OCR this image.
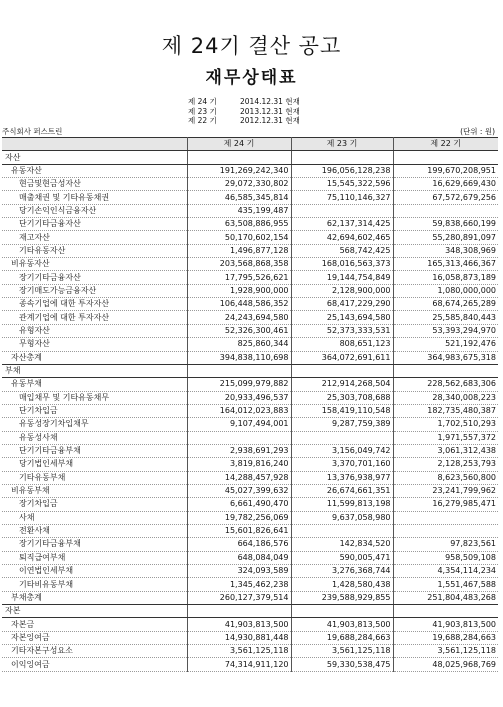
제 24기 결산 공고
재무상태표
제 24 기	2014.12.31 현재
제 23 기	2013.12.31 현재
제 22 기	2012.12.31 현재
주식회사 퍼스트린	(단위 : 원)
	제 24 기	제 23 기	제 22 기
자산			
유동자산	191,269,242,340	196,056,128,238	199,670,208,951
현금및현금성자산	29,072,330,802	15,545,322,596	16,629,669,430
매출채권 및 기타유동채권	46,585,345,814	75,110,146,327	67,572,679,256
당기손익인식금융자산	435,199,487		
단기기타금융자산	63,508,886,955	62,137,314,425	59,838,660,199
재고자산	50,170,602,154	42,694,602,465	55,280,891,097
기타유동자산	1,496,877,128	568,742,425	348,308,969
비유동자산	203,568,868,358	168,016,563,373	165,313,466,367
장기기타금융자산	17,795,526,621	19,144,754,849	16,058,873,189
장기매도가능금융자산	1,928,900,000	2,128,900,000	1,080,000,000
종속기업에 대한 투자자산	106,448,586,352	68,417,229,290	68,674,265,289
관계기업에 대한 투자자산	24,243,694,580	25,143,694,580	25,585,840,443
유형자산	52,326,300,461	52,373,333,531	53,393,294,970
무형자산	825,860,344	808,651,123	521,192,476
자산총계	394,838,110,698	364,072,691,611	364,983,675,318
부채			
유동부채	215,099,979,882	212,914,268,504	228,562,683,306
매입채무 및 기타유동채무	20,933,496,537	25,303,708,688	28,340,008,223
단기차입금	164,012,023,883	158,419,110,548	182,735,480,387
유동성장기차입채무	9,107,494,001	9,287,759,389	1,702,510,293
유동성사채			1,971,557,372
단기기타금융부채	2,938,691,293	3,156,049,742	3,061,312,438
당기법인세부채	3,819,816,240	3,370,701,160	2,128,253,793
기타유동부채	14,288,457,928	13,376,938,977	8,623,560,800
비유동부채	45,027,399,632	26,674,661,351	23,241,799,962
장기차입금	6,661,490,470	11,599,813,198	16,279,985,471
사채	19,782,256,069	9,637,058,980	
전환사채	15,601,826,641		
장기기타금융부채	664,186,576	142,834,520	97,823,561
퇴직급여부채	648,084,049	590,005,471	958,509,108
이연법인세부채	324,093,589	3,276,368,744	4,354,114,234
기타비유동부채	1,345,462,238	1,428,580,438	1,551,467,588
부채총계	260,127,379,514	239,588,929,855	251,804,483,268
자본			
자본금	41,903,813,500	41,903,813,500	41,903,813,500
자본잉여금	14,930,881,448	19,688,284,663	19,688,284,663
기타자본구성요소	3,561,125,118	3,561,125,118	3,561,125,118
이익잉여금	74,314,911,120	59,330,538,475	48,025,968,769
